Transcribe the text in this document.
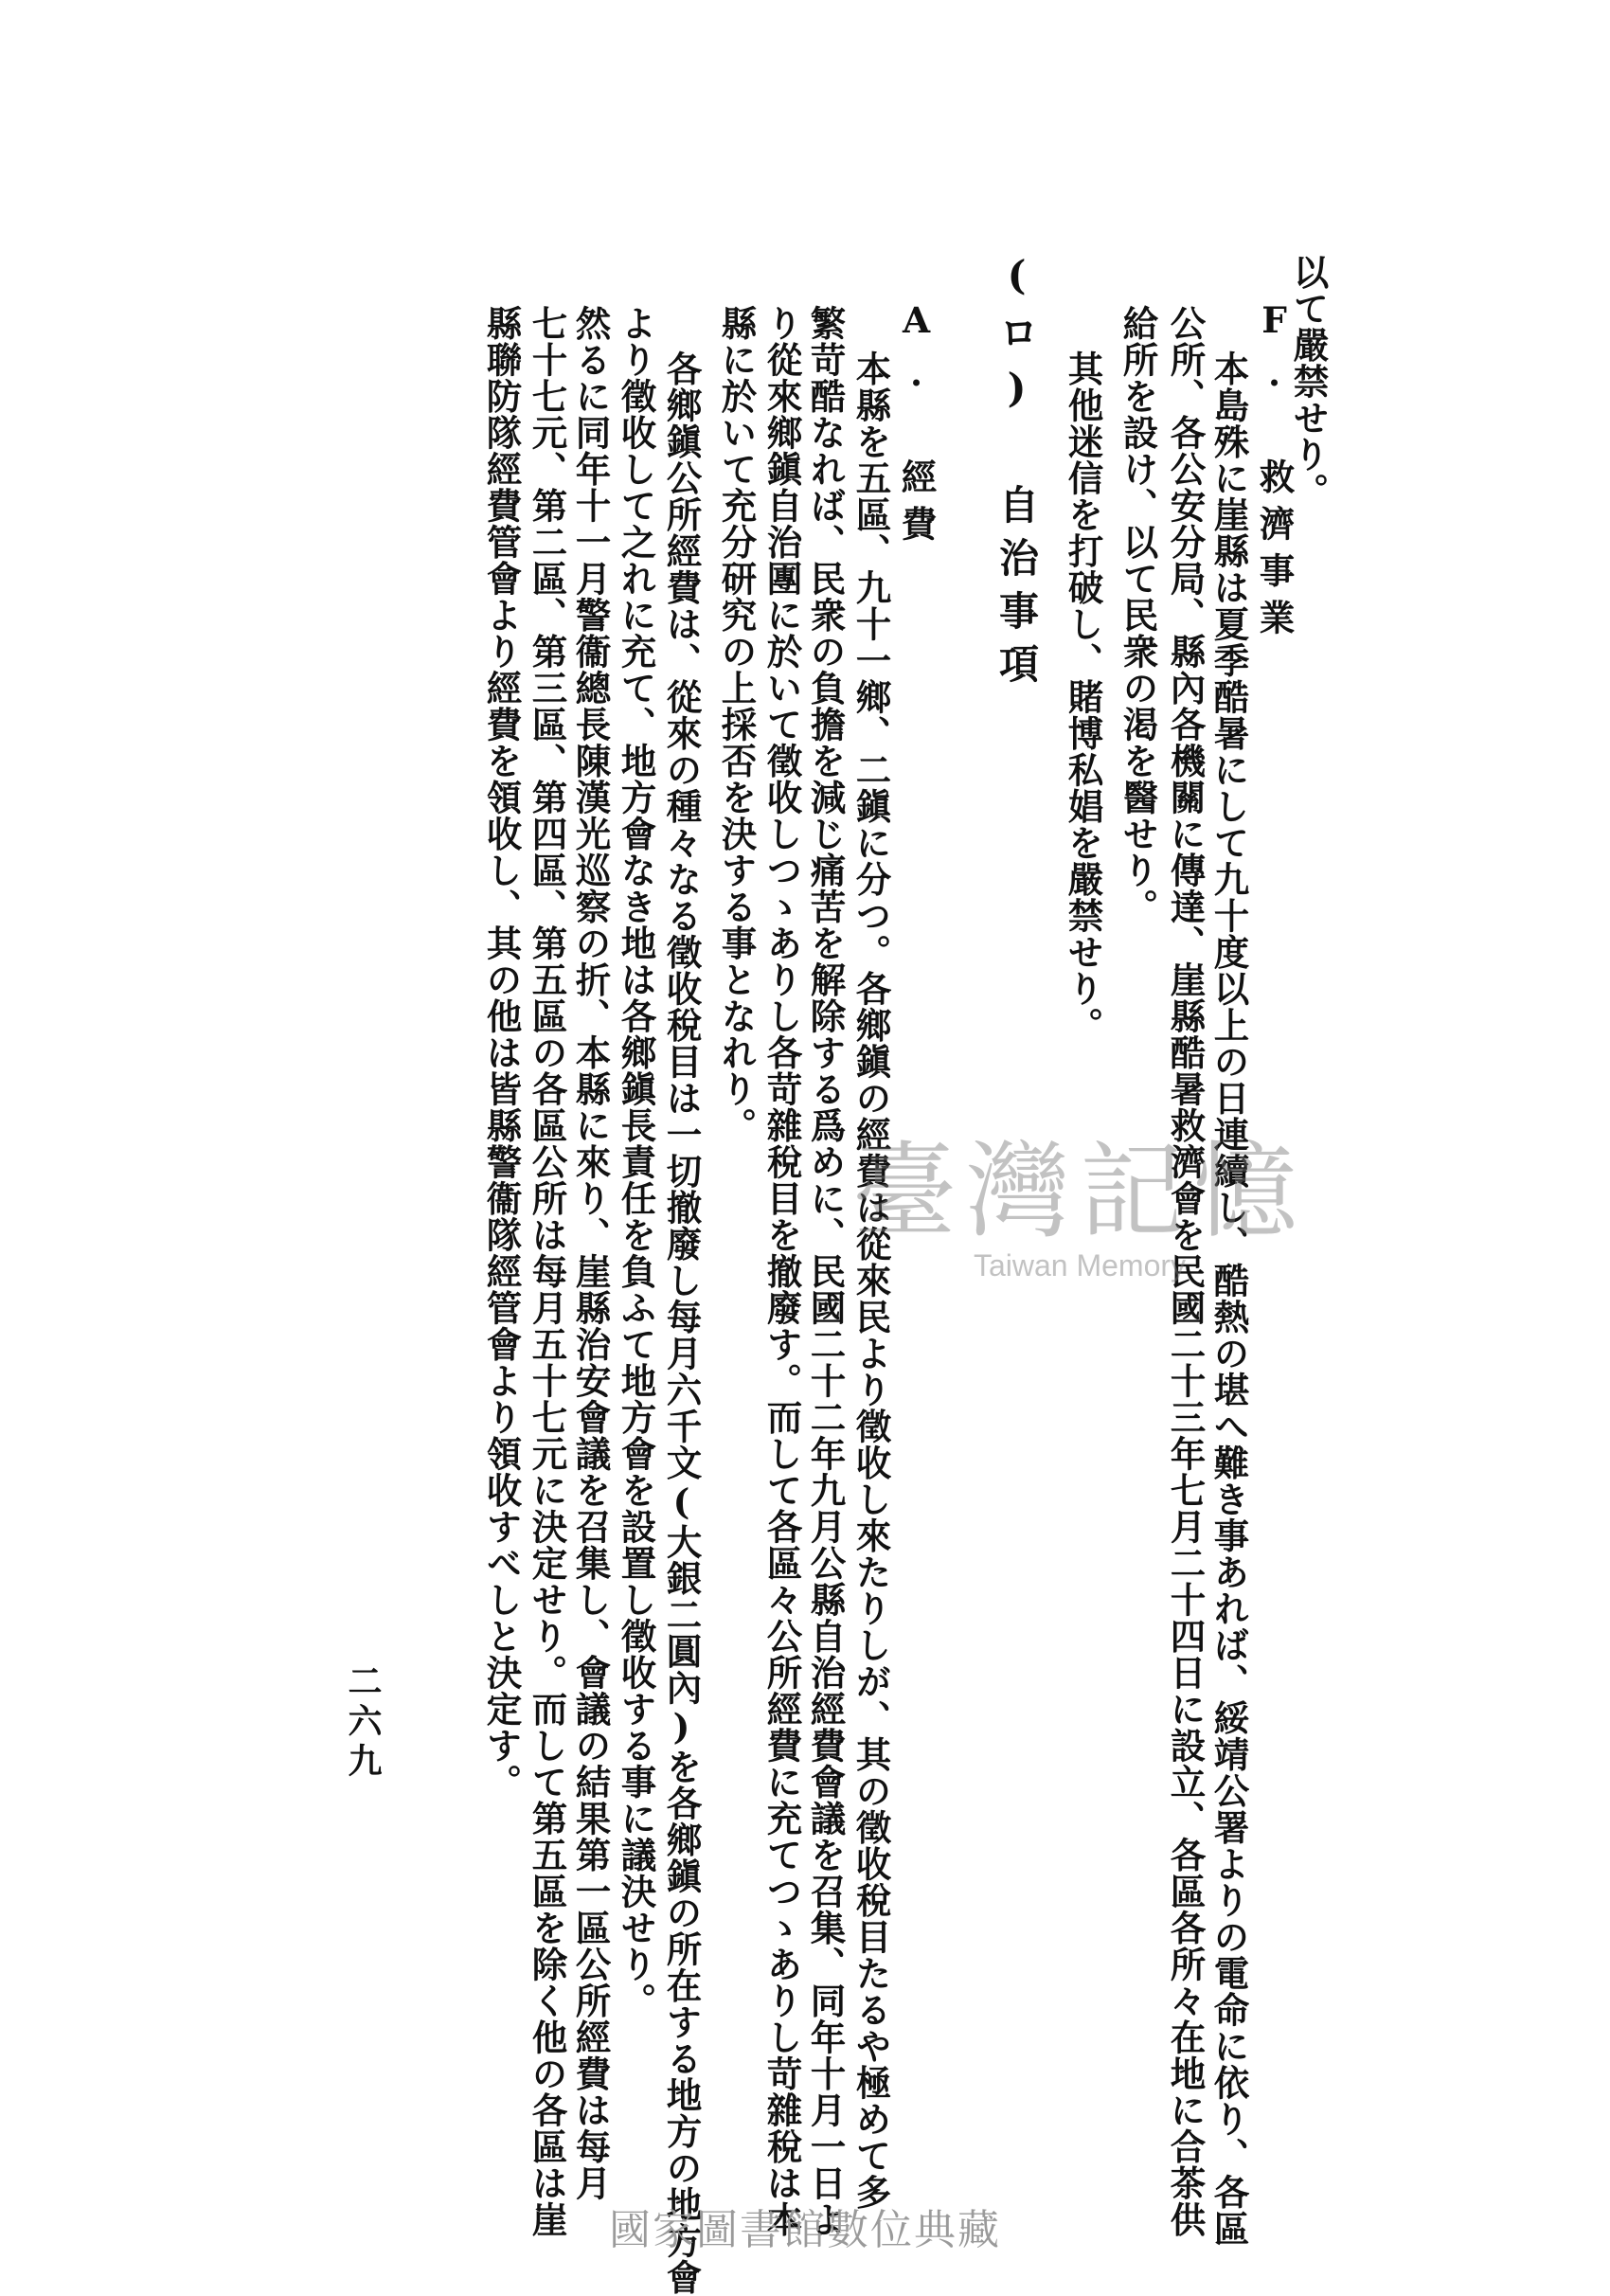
以て嚴禁せり。
F. 救濟事業
本島殊に崖縣は夏季酷暑にして九十度以上の日連續し、酷熱の堪へ難き事あれば、綏靖公署よりの電命に依り、各區
公所、各公安分局、縣內各機關に傳達、崖縣酷暑救濟會を民國二十三年七月二十四日に設立、各區各所々在地に合茶供
給所を設け、以て民衆の渇を醫せり。
其他迷信を打破し、賭博私娼を嚴禁せり。
(ロ) 自治事項
A. 經費
本縣を五區、九十一鄉、二鎭に分つ。各鄉鎭の經費は從來民より徵收し來たりしが、其の徵收稅目たるや極めて多
繁苛酷なれば、民衆の負擔を減じ痛苦を解除する爲めに、民國二十二年九月公縣自治經費會議を召集、同年十月一日よ
り從來鄉鎭自治團に於いて徵收しつゝありし各苛雜稅目を撤廢す。而して各區々公所經費に充てつゝありし苛雜稅は本
縣に於いて充分研究の上採否を決する事となれり。
各鄉鎭公所經費は、從來の種々なる徵收稅目は一切撤廢し每月六千文(大銀二圓內)を各鄉鎭の所在する地方の地方會
より徵收して之れに充て、地方會なき地は各鄉鎭長責任を負ふて地方會を設置し徵收する事に議決せり。
然るに同年十一月警衞總長陳漢光巡察の折、本縣に來り、崖縣治安會議を召集し、會議の結果第一區公所經費は每月
七十七元、第二區、第三區、第四區、第五區の各區公所は每月五十七元に決定せり。而して第五區を除く他の各區は崖
縣聯防隊經費管會より經費を領收し、其の他は皆縣警衞隊經管會より領收すべしと決定す。
二六九
臺灣記憶
Taiwan Memory
國家圖書館數位典藏
